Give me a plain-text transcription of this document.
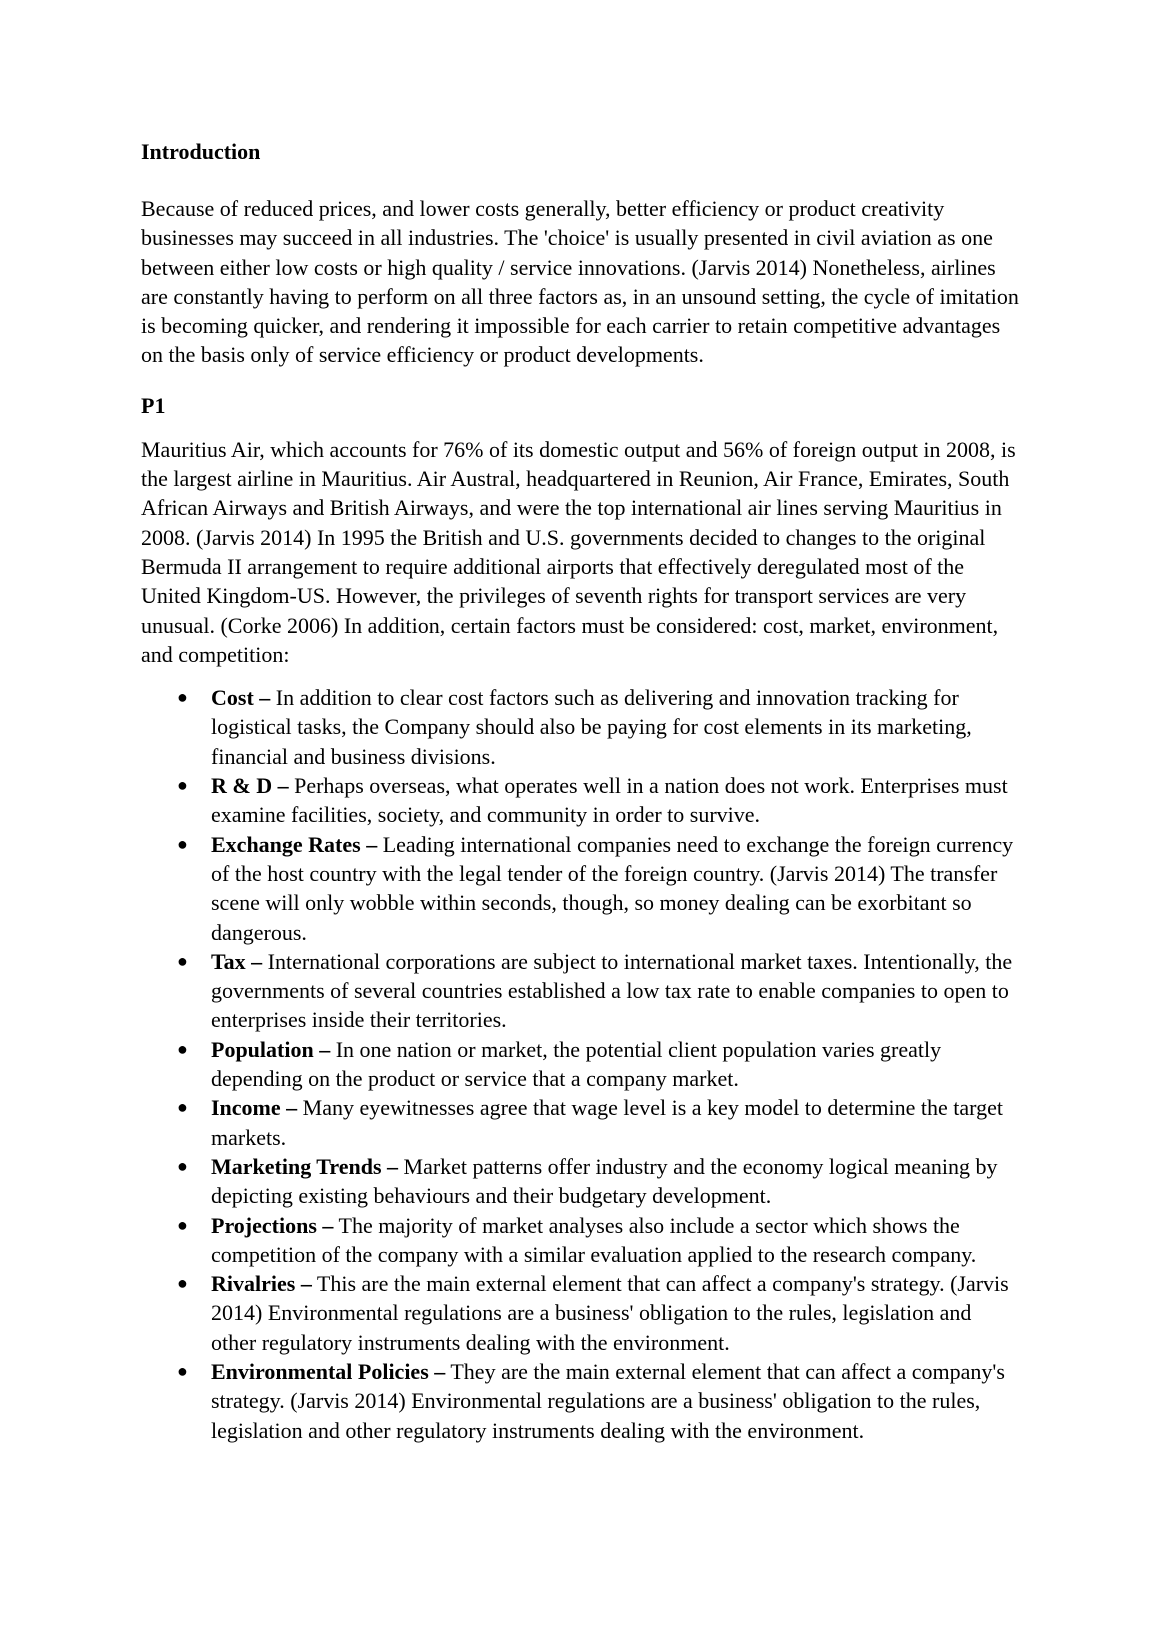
Introduction

Because of reduced prices, and lower costs generally, better efficiency or product creativity businesses may succeed in all industries. The 'choice' is usually presented in civil aviation as one between either low costs or high quality / service innovations. (Jarvis 2014) Nonetheless, airlines are constantly having to perform on all three factors as, in an unsound setting, the cycle of imitation is becoming quicker, and rendering it impossible for each carrier to retain competitive advantages on the basis only of service efficiency or product developments.

P1

Mauritius Air, which accounts for 76% of its domestic output and 56% of foreign output in 2008, is the largest airline in Mauritius. Air Austral, headquartered in Reunion, Air France, Emirates, South African Airways and British Airways, and were the top international air lines serving Mauritius in 2008. (Jarvis 2014) In 1995 the British and U.S. governments decided to changes to the original Bermuda II arrangement to require additional airports that effectively deregulated most of the United Kingdom-US. However, the privileges of seventh rights for transport services are very unusual. (Corke 2006) In addition, certain factors must be considered: cost, market, environment, and competition:

● Cost – In addition to clear cost factors such as delivering and innovation tracking for logistical tasks, the Company should also be paying for cost elements in its marketing, financial and business divisions.
● R & D – Perhaps overseas, what operates well in a nation does not work. Enterprises must examine facilities, society, and community in order to survive.
● Exchange Rates – Leading international companies need to exchange the foreign currency of the host country with the legal tender of the foreign country. (Jarvis 2014) The transfer scene will only wobble within seconds, though, so money dealing can be exorbitant so dangerous.
● Tax – International corporations are subject to international market taxes. Intentionally, the governments of several countries established a low tax rate to enable companies to open to enterprises inside their territories.
● Population – In one nation or market, the potential client population varies greatly depending on the product or service that a company market.
● Income – Many eyewitnesses agree that wage level is a key model to determine the target markets.
● Marketing Trends – Market patterns offer industry and the economy logical meaning by depicting existing behaviours and their budgetary development.
● Projections – The majority of market analyses also include a sector which shows the competition of the company with a similar evaluation applied to the research company.
● Rivalries – This are the main external element that can affect a company's strategy. (Jarvis 2014) Environmental regulations are a business' obligation to the rules, legislation and other regulatory instruments dealing with the environment.
● Environmental Policies – They are the main external element that can affect a company's strategy. (Jarvis 2014) Environmental regulations are a business' obligation to the rules, legislation and other regulatory instruments dealing with the environment.
